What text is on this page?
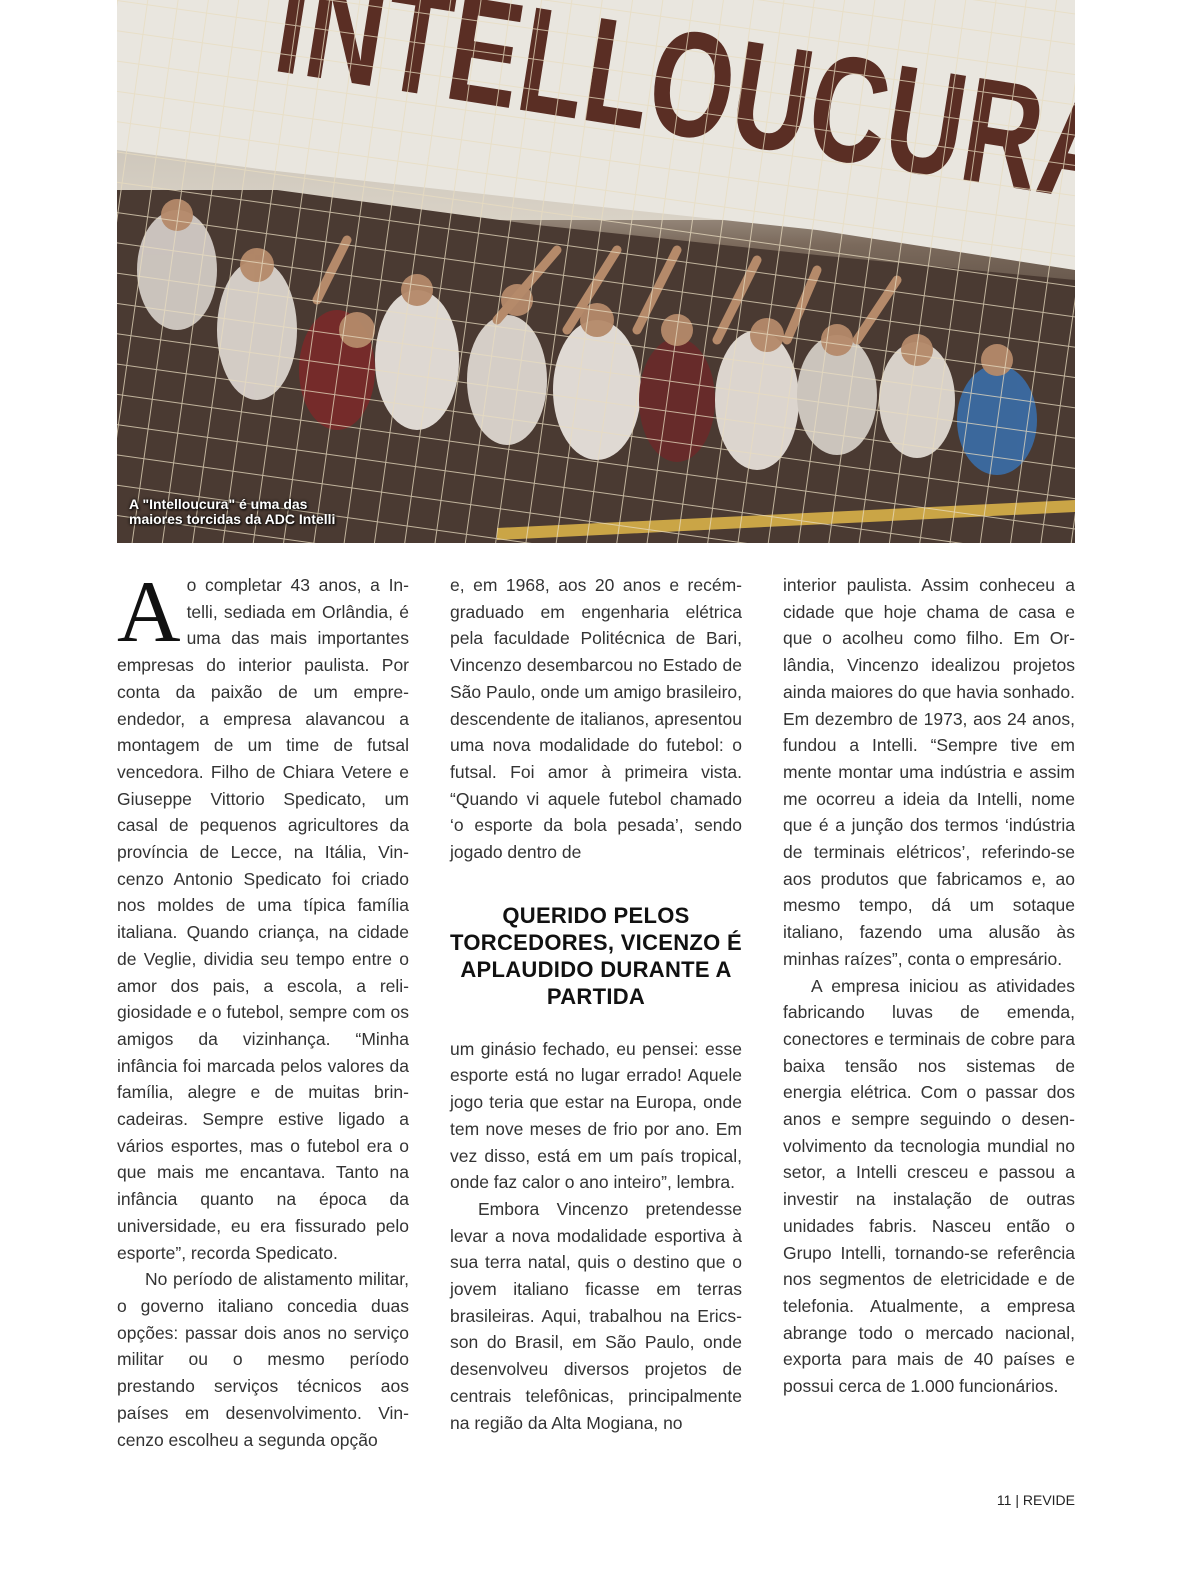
A "Intelloucura" é uma das
maiores torcidas da ADC Intelli

Ao completar 43 anos, a Intelli, sediada em Orlândia, é uma das mais importantes empresas do interior paulista. Por conta da paixão de um empreendedor, a empresa alavancou a montagem de um time de futsal vencedora. Filho de Chiara Vetere e Giuseppe Vittorio Spedicato, um casal de pequenos agricultores da província de Lecce, na Itália, Vincenzo Antonio Spedicato foi criado nos moldes de uma típica família italiana. Quando criança, na cidade de Veglie, dividia seu tempo entre o amor dos pais, a escola, a religiosidade e o futebol, sempre com os amigos da vizinhança. “Minha infância foi marcada pelos valores da família, alegre e de muitas brincadeiras. Sempre estive ligado a vários esportes, mas o futebol era o que mais me encantava. Tanto na infância quanto na época da universidade, eu era fissurado pelo esporte”, recorda Spedicato.

No período de alistamento militar, o governo italiano concedia duas opções: passar dois anos no serviço militar ou o mesmo período prestando serviços técnicos aos países em desenvolvimento. Vincenzo escolheu a segunda opção

e, em 1968, aos 20 anos e recém-graduado em engenharia elétrica pela faculdade Politécnica de Bari, Vincenzo desembarcou no Estado de São Paulo, onde um amigo brasileiro, descendente de italianos, apresentou uma nova modalidade do futebol: o futsal. Foi amor à primeira vista. “Quando vi aquele futebol chamado ‘o esporte da bola pesada’, sendo jogado dentro de

QUERIDO PELOS TORCEDORES, VICENZO É APLAUDIDO DURANTE A PARTIDA

um ginásio fechado, eu pensei: esse esporte está no lugar errado! Aquele jogo teria que estar na Europa, onde tem nove meses de frio por ano. Em vez disso, está em um país tropical, onde faz calor o ano inteiro”, lembra.

Embora Vincenzo pretendesse levar a nova modalidade esportiva à sua terra natal, quis o destino que o jovem italiano ficasse em terras brasileiras. Aqui, trabalhou na Ericsson do Brasil, em São Paulo, onde desenvolveu diversos projetos de centrais telefônicas, principalmente na região da Alta Mogiana, no

interior paulista. Assim conheceu a cidade que hoje chama de casa e que o acolheu como filho. Em Orlândia, Vincenzo idealizou projetos ainda maiores do que havia sonhado. Em dezembro de 1973, aos 24 anos, fundou a Intelli. “Sempre tive em mente montar uma indústria e assim me ocorreu a ideia da Intelli, nome que é a junção dos termos ‘indústria de terminais elétricos’, referindo-se aos produtos que fabricamos e, ao mesmo tempo, dá um sotaque italiano, fazendo uma alusão às minhas raízes”, conta o empresário.

A empresa iniciou as atividades fabricando luvas de emenda, conectores e terminais de cobre para baixa tensão nos sistemas de energia elétrica. Com o passar dos anos e sempre seguindo o desenvolvimento da tecnologia mundial no setor, a Intelli cresceu e passou a investir na instalação de outras unidades fabris. Nasceu então o Grupo Intelli, tornando-se referência nos segmentos de eletricidade e de telefonia. Atualmente, a empresa abrange todo o mercado nacional, exporta para mais de 40 países e possui cerca de 1.000 funcionários.

11 | REVIDE
